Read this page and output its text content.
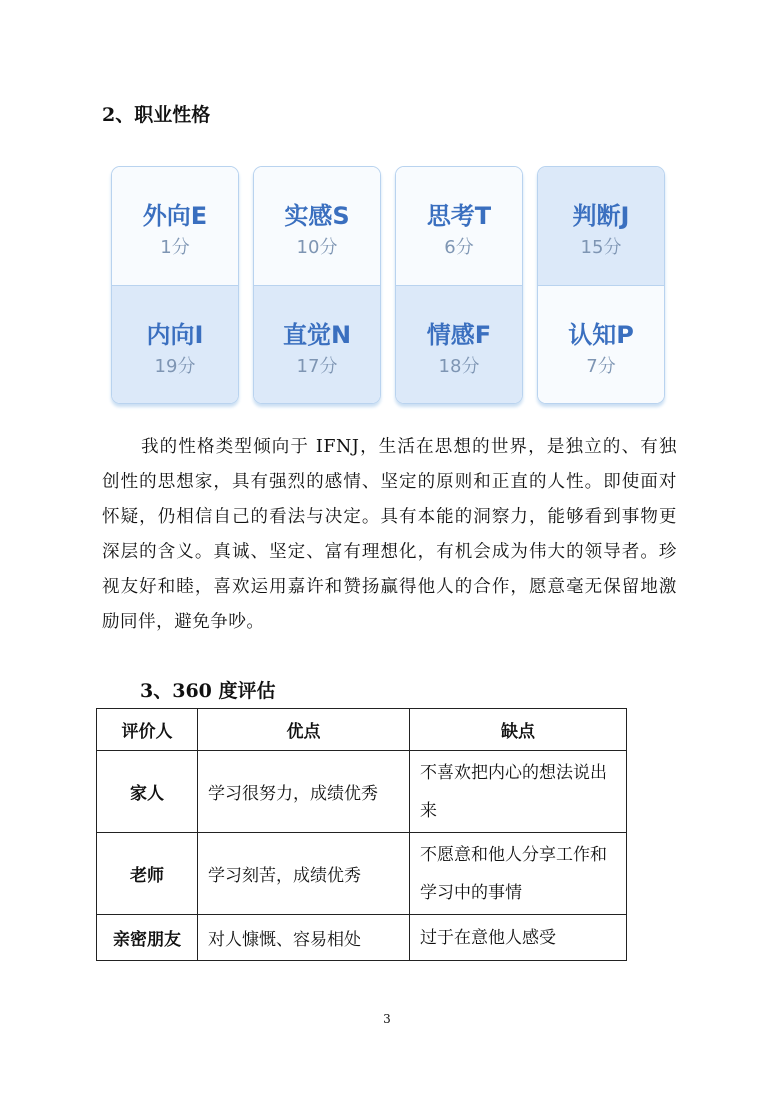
2、职业性格
外向E
1分
内向I
19分
实感S
10分
直觉N
17分
思考T
6分
情感F
18分
判断J
15分
认知P
7分

我的性格类型倾向于 IFNJ，生活在思想的世界，是独立的、有独创性的思想家，具有强烈的感情、坚定的原则和正直的人性。即使面对怀疑，仍相信自己的看法与决定。具有本能的洞察力，能够看到事物更深层的含义。真诚、坚定、富有理想化，有机会成为伟大的领导者。珍视友好和睦，喜欢运用嘉许和赞扬赢得他人的合作，愿意毫无保留地激励同伴，避免争吵。

3、360 度评估
评价人	优点	缺点
家人	学习很努力，成绩优秀	不喜欢把内心的想法说出来
老师	学习刻苦，成绩优秀	不愿意和他人分享工作和学习中的事情
亲密朋友	对人慷慨、容易相处	过于在意他人感受
3
